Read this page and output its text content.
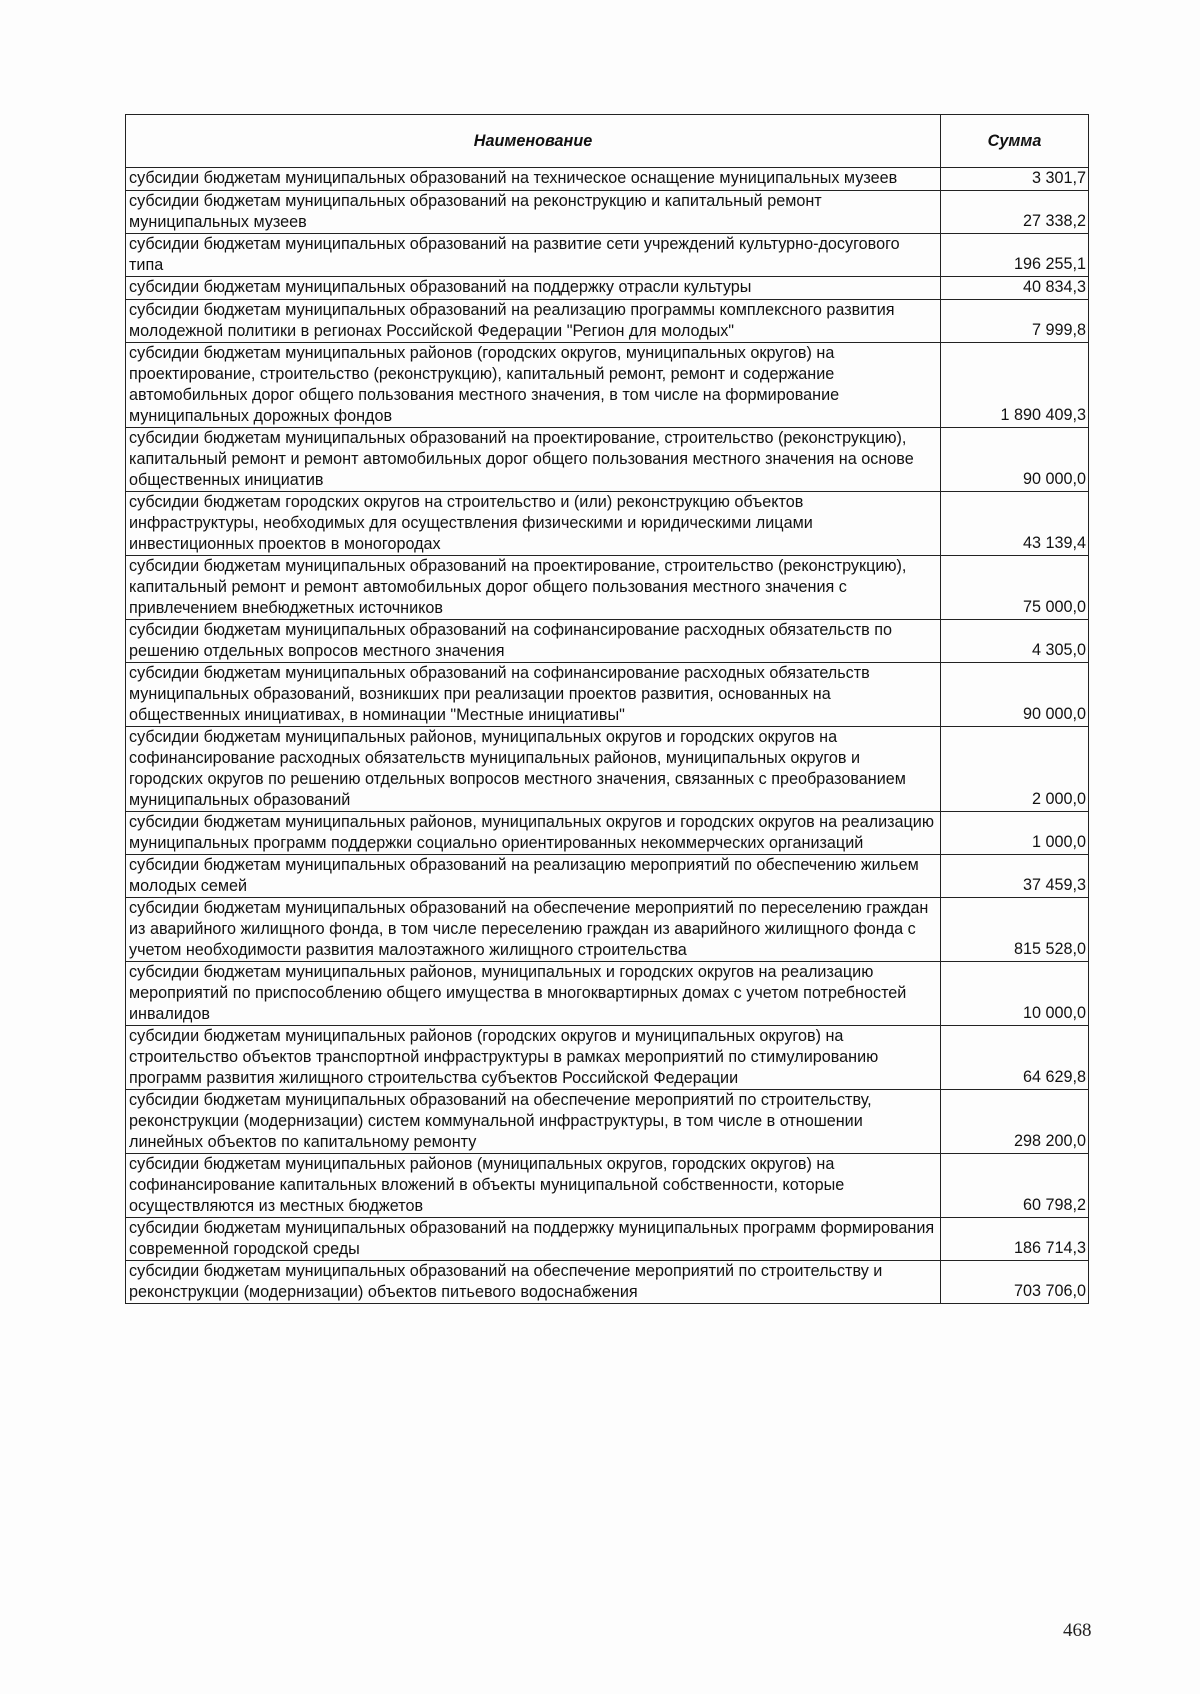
Наименование	Сумма
субсидии бюджетам муниципальных образований на техническое оснащение муниципальных музеев	3 301,7
субсидии бюджетам муниципальных образований на реконструкцию и капитальный ремонт муниципальных музеев	27 338,2
субсидии бюджетам муниципальных образований на развитие сети учреждений культурно-досугового типа	196 255,1
субсидии бюджетам муниципальных образований на поддержку отрасли культуры	40 834,3
субсидии бюджетам муниципальных образований на реализацию программы комплексного развития молодежной политики в регионах Российской Федерации "Регион для молодых"	7 999,8
субсидии бюджетам муниципальных районов (городских округов, муниципальных округов) на проектирование, строительство (реконструкцию), капитальный ремонт, ремонт и содержание автомобильных дорог общего пользования местного значения, в том числе на формирование муниципальных дорожных фондов	1 890 409,3
субсидии бюджетам муниципальных образований на проектирование, строительство (реконструкцию), капитальный ремонт и ремонт автомобильных дорог общего пользования местного значения на основе общественных инициатив	90 000,0
субсидии бюджетам городских округов на строительство и (или) реконструкцию объектов инфраструктуры, необходимых для осуществления физическими и юридическими лицами инвестиционных проектов в моногородах	43 139,4
субсидии бюджетам муниципальных образований на проектирование, строительство (реконструкцию), капитальный ремонт и ремонт автомобильных дорог общего пользования местного значения с привлечением внебюджетных источников	75 000,0
субсидии бюджетам муниципальных образований на софинансирование расходных обязательств по решению отдельных вопросов местного значения	4 305,0
субсидии бюджетам муниципальных образований на софинансирование расходных обязательств муниципальных образований, возникших при реализации проектов развития, основанных на общественных инициативах, в номинации "Местные инициативы"	90 000,0
субсидии бюджетам муниципальных районов, муниципальных округов и городских округов на софинансирование расходных обязательств муниципальных районов, муниципальных округов и городских округов по решению отдельных вопросов местного значения, связанных с преобразованием муниципальных образований	2 000,0
субсидии бюджетам муниципальных районов, муниципальных округов и городских округов на реализацию муниципальных программ поддержки социально ориентированных некоммерческих организаций	1 000,0
субсидии бюджетам муниципальных образований на реализацию мероприятий по обеспечению жильем молодых семей	37 459,3
субсидии бюджетам муниципальных образований на обеспечение мероприятий по переселению граждан из аварийного жилищного фонда, в том числе переселению граждан из аварийного жилищного фонда с учетом необходимости развития малоэтажного жилищного строительства	815 528,0
субсидии бюджетам муниципальных районов, муниципальных и городских округов на реализацию мероприятий по приспособлению общего имущества в многоквартирных домах с учетом потребностей инвалидов	10 000,0
субсидии бюджетам муниципальных районов (городских округов и муниципальных округов) на строительство объектов транспортной инфраструктуры в рамках мероприятий по стимулированию программ развития жилищного строительства субъектов Российской Федерации	64 629,8
субсидии бюджетам муниципальных образований на обеспечение мероприятий по строительству, реконструкции (модернизации) систем коммунальной инфраструктуры, в том числе в отношении линейных объектов по капитальному ремонту	298 200,0
субсидии бюджетам муниципальных районов (муниципальных округов, городских округов) на софинансирование капитальных вложений в объекты муниципальной собственности, которые осуществляются из местных бюджетов	60 798,2
субсидии бюджетам муниципальных образований на поддержку муниципальных программ формирования современной городской среды	186 714,3
субсидии бюджетам муниципальных образований на обеспечение мероприятий по строительству и реконструкции (модернизации) объектов питьевого водоснабжения	703 706,0
468
